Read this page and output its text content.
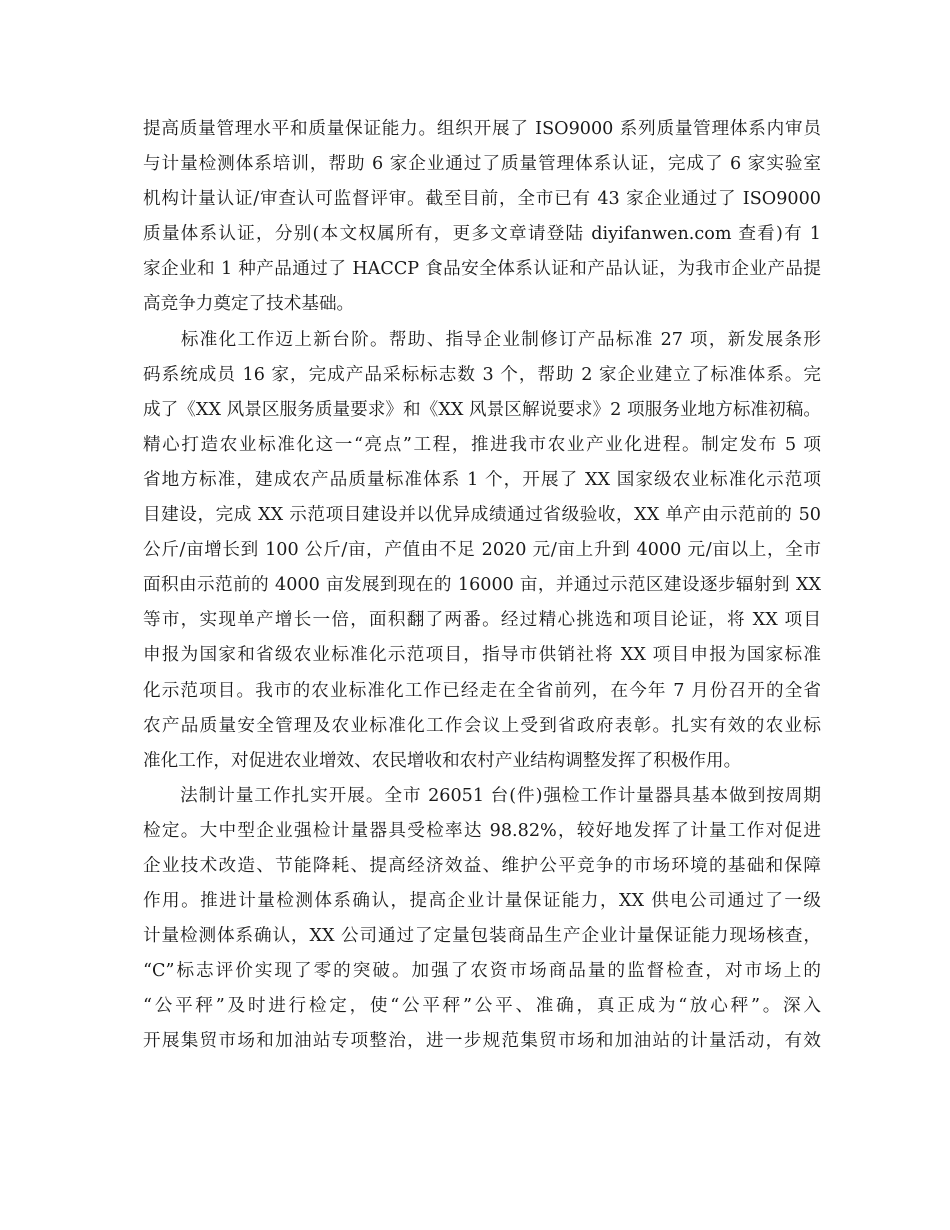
提高质量管理水平和质量保证能力。组织开展了 ISO9000 系列质量管理体系内审员
与计量检测体系培训，帮助 6 家企业通过了质量管理体系认证，完成了 6 家实验室
机构计量认证/审查认可监督评审。截至目前，全市已有 43 家企业通过了 ISO9000
质量体系认证，分别(本文权属所有，更多文章请登陆 diyifanwen.com 查看)有 1
家企业和 1 种产品通过了 HACCP 食品安全体系认证和产品认证，为我市企业产品提
高竞争力奠定了技术基础。

　　标准化工作迈上新台阶。帮助、指导企业制修订产品标准 27 项，新发展条形
码系统成员 16 家，完成产品采标标志数 3 个，帮助 2 家企业建立了标准体系。完
成了《XX 风景区服务质量要求》和《XX 风景区解说要求》2 项服务业地方标准初稿。
精心打造农业标准化这一“亮点”工程，推进我市农业产业化进程。制定发布 5 项
省地方标准，建成农产品质量标准体系 1 个，开展了 XX 国家级农业标准化示范项
目建设，完成 XX 示范项目建设并以优异成绩通过省级验收，XX 单产由示范前的 50
公斤/亩增长到 100 公斤/亩，产值由不足 2020 元/亩上升到 4000 元/亩以上，全市
面积由示范前的 4000 亩发展到现在的 16000 亩，并通过示范区建设逐步辐射到 XX
等市，实现单产增长一倍，面积翻了两番。经过精心挑选和项目论证，将 XX 项目
申报为国家和省级农业标准化示范项目，指导市供销社将 XX 项目申报为国家标准
化示范项目。我市的农业标准化工作已经走在全省前列，在今年 7 月份召开的全省
农产品质量安全管理及农业标准化工作会议上受到省政府表彰。扎实有效的农业标
准化工作，对促进农业增效、农民增收和农村产业结构调整发挥了积极作用。

　　法制计量工作扎实开展。全市 26051 台(件)强检工作计量器具基本做到按周期
检定。大中型企业强检计量器具受检率达 98.82%，较好地发挥了计量工作对促进
企业技术改造、节能降耗、提高经济效益、维护公平竞争的市场环境的基础和保障
作用。推进计量检测体系确认，提高企业计量保证能力，XX 供电公司通过了一级
计量检测体系确认，XX 公司通过了定量包装商品生产企业计量保证能力现场核查，
“C”标志评价实现了零的突破。加强了农资市场商品量的监督检查，对市场上的
“公平秤”及时进行检定，使“公平秤”公平、准确，真正成为“放心秤”。深入
开展集贸市场和加油站专项整治，进一步规范集贸市场和加油站的计量活动，有效
